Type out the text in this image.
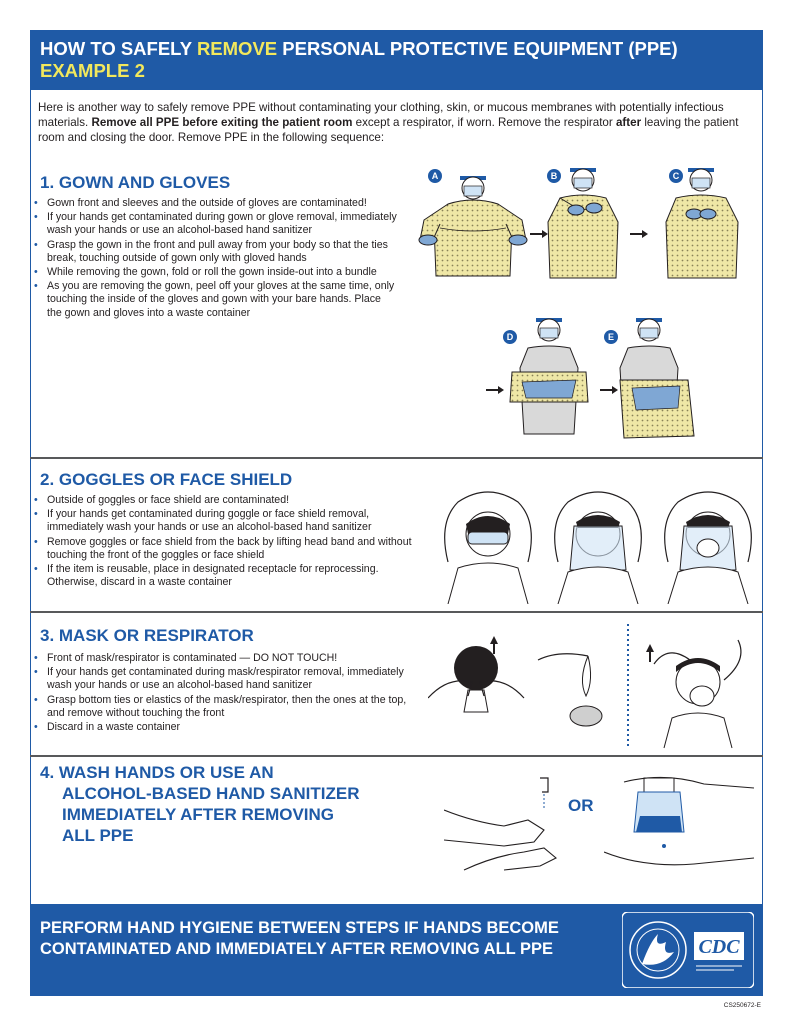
HOW TO SAFELY REMOVE PERSONAL PROTECTIVE EQUIPMENT (PPE)
EXAMPLE 2
Here is another way to safely remove PPE without contaminating your clothing, skin, or mucous membranes with potentially infectious materials. Remove all PPE before exiting the patient room except a respirator, if worn. Remove the respirator after leaving the patient room and closing the door. Remove PPE in the following sequence:
1. GOWN AND GLOVES
• Gown front and sleeves and the outside of gloves are contaminated!
• If your hands get contaminated during gown or glove removal, immediately wash your hands or use an alcohol-based hand sanitizer
• Grasp the gown in the front and pull away from your body so that the ties break, touching outside of gown only with gloved hands
• While removing the gown, fold or roll the gown inside-out into a bundle
• As you are removing the gown, peel off your gloves at the same time, only touching the inside of the gloves and gown with your bare hands. Place the gown and gloves into a waste container
A	B	C
D	E
2. GOGGLES OR FACE SHIELD
• Outside of goggles or face shield are contaminated!
• If your hands get contaminated during goggle or face shield removal, immediately wash your hands or use an alcohol-based hand sanitizer
• Remove goggles or face shield from the back by lifting head band and without touching the front of the goggles or face shield
• If the item is reusable, place in designated receptacle for reprocessing. Otherwise, discard in a waste container
3. MASK OR RESPIRATOR
• Front of mask/respirator is contaminated — DO NOT TOUCH!
• If your hands get contaminated during mask/respirator removal, immediately wash your hands or use an alcohol-based hand sanitizer
• Grasp bottom ties or elastics of the mask/respirator, then the ones at the top, and remove without touching the front
• Discard in a waste container
4. WASH HANDS OR USE AN
ALCOHOL-BASED HAND SANITIZER
IMMEDIATELY AFTER REMOVING
ALL PPE
OR
PERFORM HAND HYGIENE BETWEEN STEPS IF HANDS BECOME CONTAMINATED AND IMMEDIATELY AFTER REMOVING ALL PPE	CDC
CS250672-E
